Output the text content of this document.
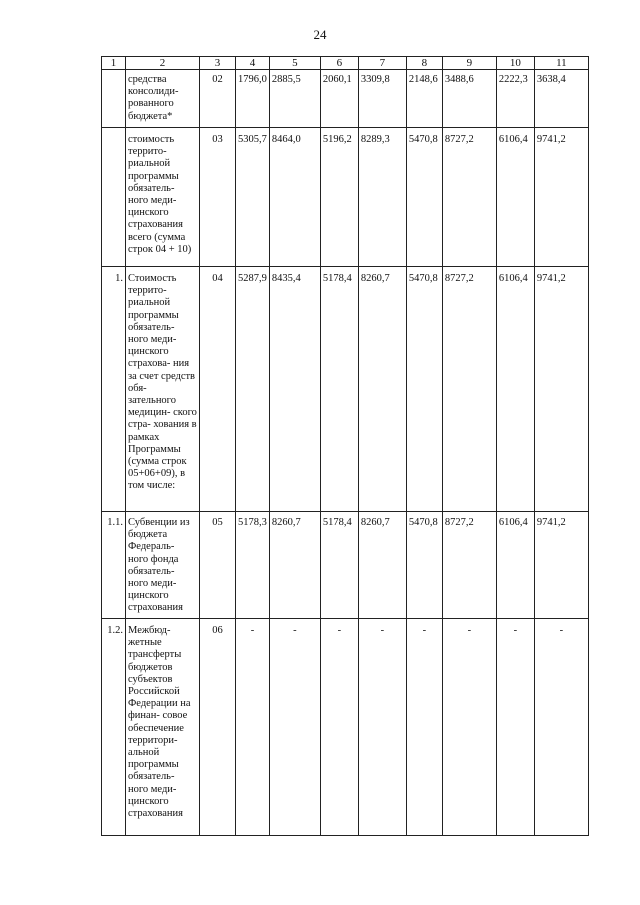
24
1	2	3	4	5	6	7	8	9	10	11
	средства консолиди- рованного бюджета*	02	1796,0	2885,5	2060,1	3309,8	2148,6	3488,6	2222,3	3638,4
	стоимость террито- риальной программы обязатель- ного меди- цинского страхования всего (сумма строк 04 + 10)	03	5305,7	8464,0	5196,2	8289,3	5470,8	8727,2	6106,4	9741,2
1.	Стоимость террито- риальной программы обязатель- ного меди- цинского страхова- ния за счет средств обя- зательного медицин- ского стра- хования в рамках Программы (сумма строк 05+06+09), в том числе:	04	5287,9	8435,4	5178,4	8260,7	5470,8	8727,2	6106,4	9741,2
1.1.	Субвенции из бюджета Федераль- ного фонда обязатель- ного меди- цинского страхования	05	5178,3	8260,7	5178,4	8260,7	5470,8	8727,2	6106,4	9741,2
1.2.	Межбюд- жетные трансферты бюджетов субъектов Российской Федерации на финан- совое обеспечение территори- альной программы обязатель- ного меди- цинского страхования	06	-	-	-	-	-	-	-	-
